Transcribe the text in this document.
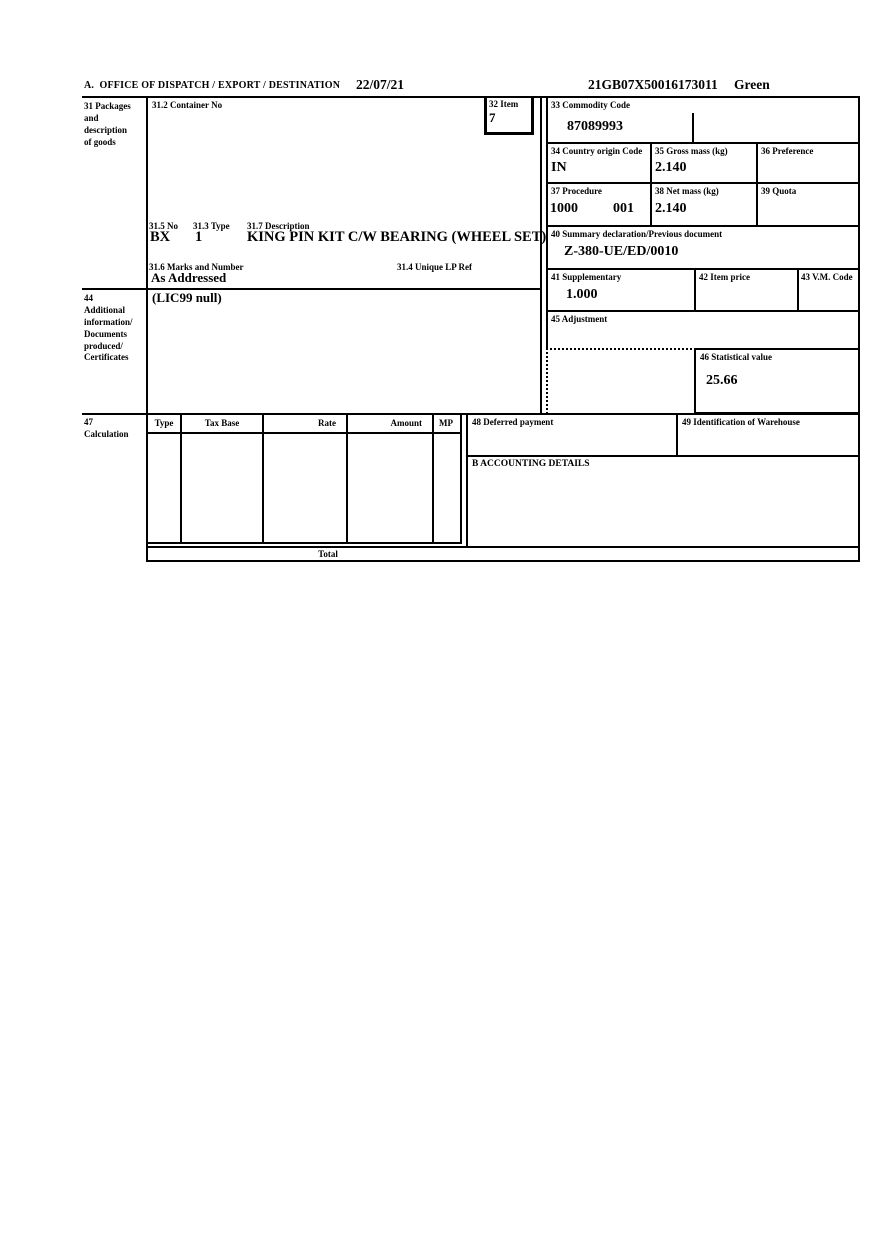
A.  OFFICE OF DISPATCH / EXPORT / DESTINATION 22/07/21	21GB07X50016173011 Green
31 Packages
and
description
of goods
44
Additional
information/
Documents
produced/
Certificates
47
Calculation
31.2 Container No	32 Item
7
31.5 No 31.3 Type 31.7 Description
BX 1	KING PIN KIT C/W BEARING (WHEEL SET)
31.6 Marks and Number	31.4 Unique LP Ref
As Addressed
(LIC99 null)
33 Commodity Code
87089993
34 Country origin Code
IN
35 Gross mass (kg)
2.140
36 Preference
37 Procedure
1000	001
38 Net mass (kg)
2.140
39 Quota
40 Summary declaration/Previous document
Z-380-UE/ED/0010
41 Supplementary
1.000
42 Item price	43 V.M. Code
45 Adjustment
46 Statistical value
25.66
Type	Tax Base	Rate	Amount	MP	48 Deferred payment	49 Identification of Warehouse
B ACCOUNTING DETAILS
Total
